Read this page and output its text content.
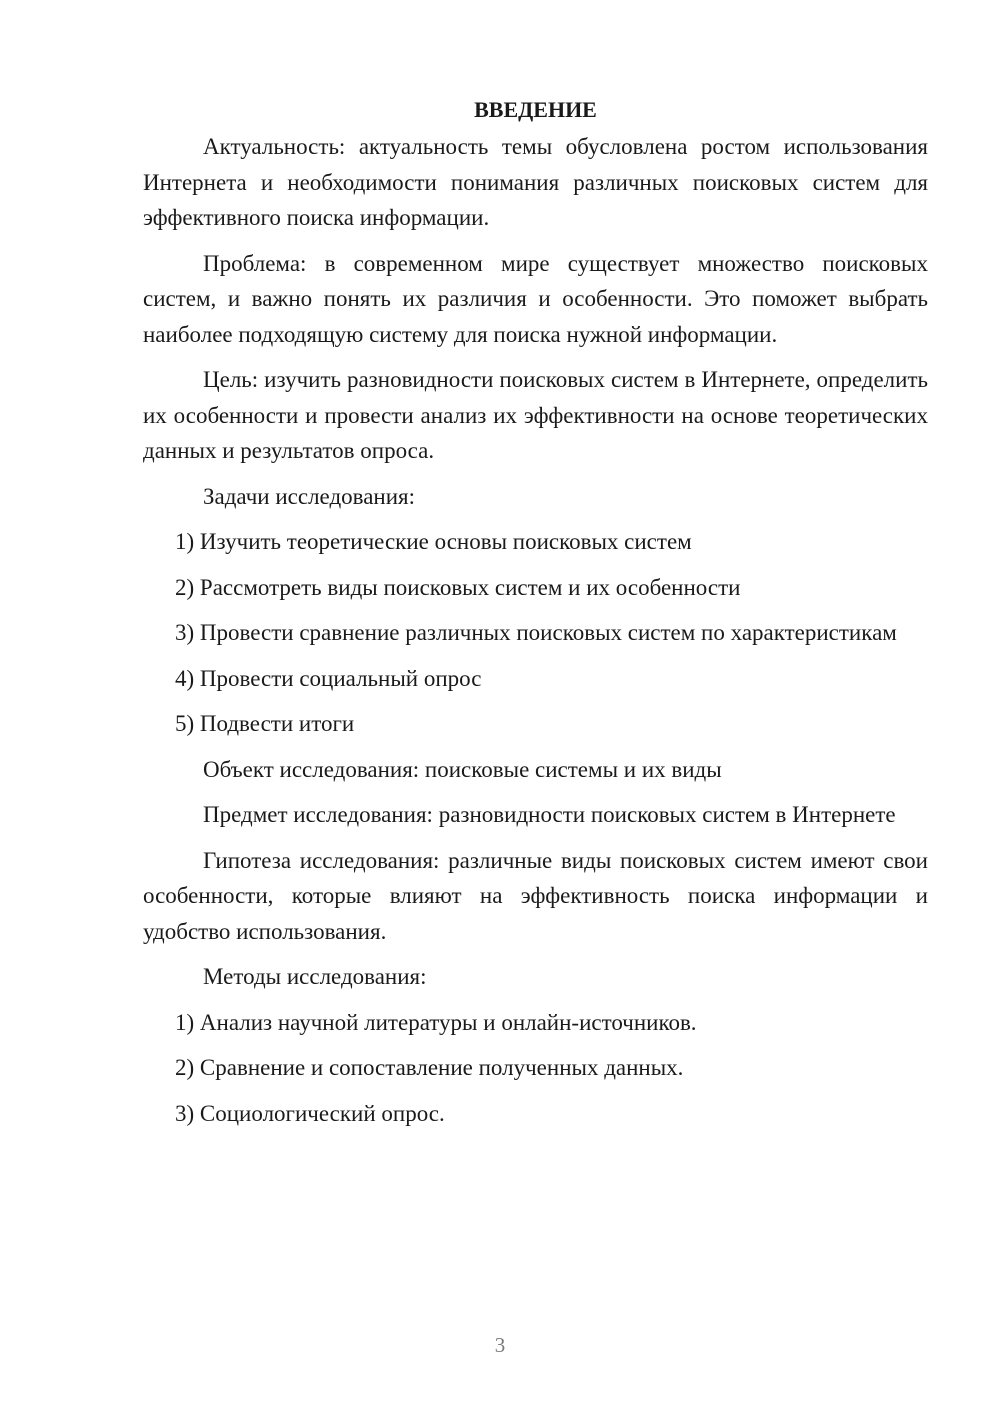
ВВЕДЕНИЕ

Актуальность: актуальность темы обусловлена ростом использования Интернета и необходимости понимания различных поисковых систем для эффективного поиска информации.

Проблема: в современном мире существует множество поисковых систем, и важно понять их различия и особенности. Это поможет выбрать наиболее подходящую систему для поиска нужной информации.

Цель: изучить разновидности поисковых систем в Интернете, определить их особенности и провести анализ их эффективности на основе теоретических данных и результатов опроса.

Задачи исследования:

1) Изучить теоретические основы поисковых систем

2) Рассмотреть виды поисковых систем и их особенности

3) Провести сравнение различных поисковых систем по характеристикам

4) Провести социальный опрос

5) Подвести итоги

Объект исследования: поисковые системы и их виды

Предмет исследования: разновидности поисковых систем в Интернете

Гипотеза исследования: различные виды поисковых систем имеют свои особенности, которые влияют на эффективность поиска информации и удобство использования.

Методы исследования:

1) Анализ научной литературы и онлайн-источников.

2) Сравнение и сопоставление полученных данных.

3) Социологический опрос.

3
